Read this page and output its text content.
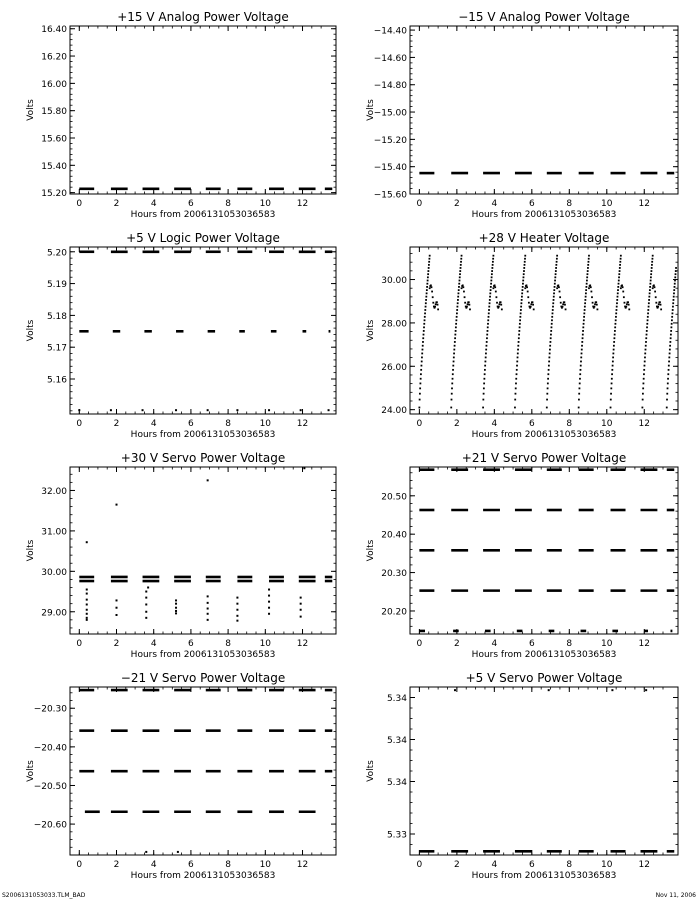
+15 V Analog Power Voltage
0	2	4	6	8	10	12
15.20
15.40
15.60
15.80
16.00
16.20
16.40
Hours from 2006131053036583
Volts
−15 V Analog Power Voltage
0	2	4	6	8	10	12
−15.60
−15.40
−15.20
−15.00
−14.80
−14.60
−14.40
Hours from 2006131053036583
Volts
+5 V Logic Power Voltage
0	2	4	6	8	10	12
5.16
5.17
5.18
5.19
5.20
Hours from 2006131053036583
Volts
+28 V Heater Voltage
0	2	4	6	8	10	12
24.00
26.00
28.00
30.00
Hours from 2006131053036583
Volts
+30 V Servo Power Voltage
0	2	4	6	8	10	12
29.00
30.00
31.00
32.00
Hours from 2006131053036583
Volts
+21 V Servo Power Voltage
0	2	4	6	8	10	12
20.20
20.30
20.40
20.50
Hours from 2006131053036583
Volts
−21 V Servo Power Voltage
0	2	4	6	8	10	12
−20.60
−20.50
−20.40
−20.30
Hours from 2006131053036583
Volts
+5 V Servo Power Voltage
0	2	4	6	8	10	12
5.33
5.34
5.34
5.34
Hours from 2006131053036583
Volts
S2006131053033.TLM_BAD	Nov 11, 2006
